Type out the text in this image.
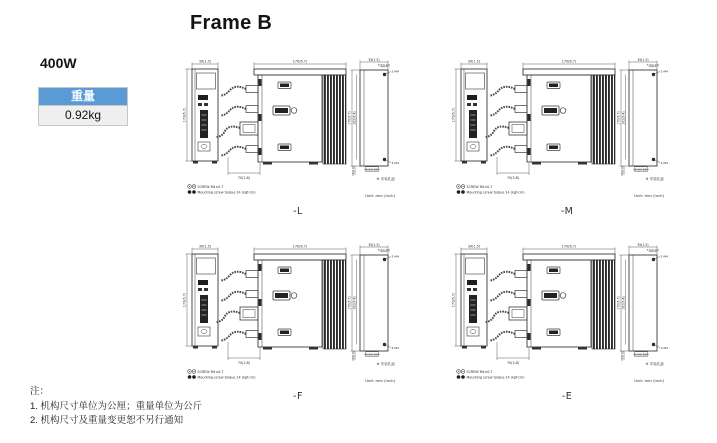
Frame B
400W
重量
0.92kg
39(1.5)
170(6.7)
70(2.8)
170(6.7)	39(1.5)
5.5(0.22)
2-M4
2-M4
170(6.7) 162(6.4)
5.5(0.22)
20(0.8)
※ 安装孔距
Unit: mm (inch)
SCREW M4×0.7
Mounting screw torque 14 (kgf·cm)
-L
39(1.5)
170(6.7)
70(2.8)
170(6.7)	39(1.5)
5.5(0.22)
2-M4
2-M4
170(6.7) 162(6.4)
5.5(0.22)
20(0.8)
※ 安装孔距
Unit: mm (inch)
SCREW M4×0.7
Mounting screw torque 14 (kgf·cm)
-M
39(1.5)
170(6.7)
70(2.8)
170(6.7)	39(1.5)
5.5(0.22)
2-M4
2-M4
170(6.7) 162(6.4)
5.5(0.22)
20(0.8)
※ 安装孔距
Unit: mm (inch)
SCREW M4×0.7
Mounting screw torque 14 (kgf·cm)
-F
39(1.5)
170(6.7)
70(2.8)
170(6.7)	39(1.5)
5.5(0.22)
2-M4
2-M4
170(6.7) 162(6.4)
5.5(0.22)
20(0.8)
※ 安装孔距
Unit: mm (inch)
SCREW M4×0.7
Mounting screw torque 14 (kgf·cm)
-E
注：
1. 机构尺寸单位为公厘；重量单位为公斤
2. 机构尺寸及重量变更恕不另行通知
